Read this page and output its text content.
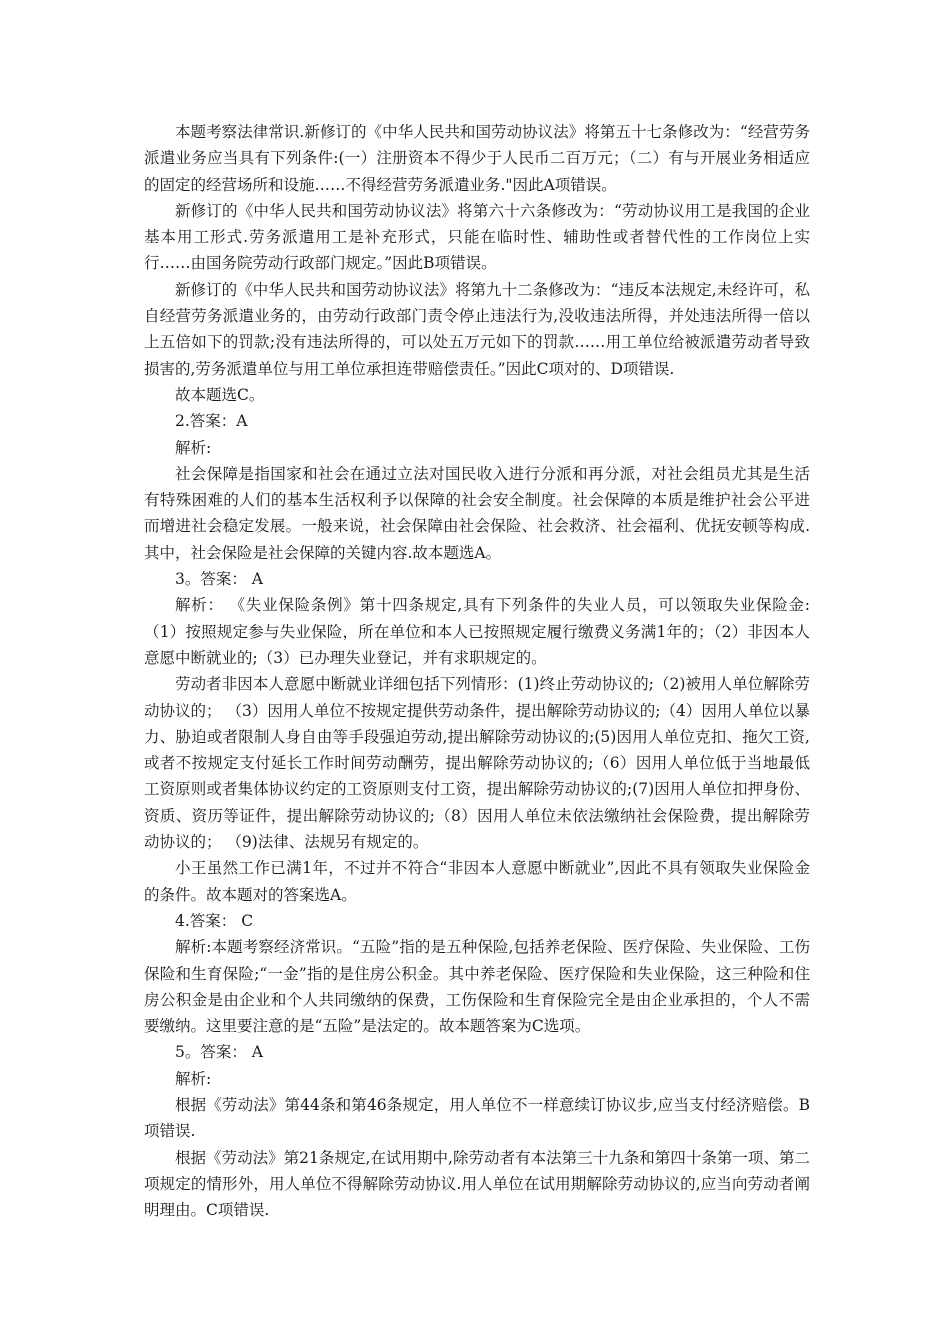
本题考察法律常识.新修订的《中华人民共和国劳动协议法》将第五十七条修改为：“经营劳务派遣业务应当具有下列条件:(一）注册资本不得少于人民币二百万元；（二）有与开展业务相适应的固定的经营场所和设施……不得经营劳务派遣业务."因此A项错误。

新修订的《中华人民共和国劳动协议法》将第六十六条修改为：“劳动协议用工是我国的企业基本用工形式.劳务派遣用工是补充形式，只能在临时性、辅助性或者替代性的工作岗位上实行……由国务院劳动行政部门规定。”因此B项错误。

新修订的《中华人民共和国劳动协议法》将第九十二条修改为：“违反本法规定,未经许可，私自经营劳务派遣业务的，由劳动行政部门责令停止违法行为,没收违法所得，并处违法所得一倍以上五倍如下的罚款;没有违法所得的，可以处五万元如下的罚款……用工单位给被派遣劳动者导致损害的,劳务派遣单位与用工单位承担连带赔偿责任。”因此C项对的、D项错误.

故本题选C。

2.答案：A

解析:

社会保障是指国家和社会在通过立法对国民收入进行分派和再分派，对社会组员尤其是生活有特殊困难的人们的基本生活权利予以保障的社会安全制度。社会保障的本质是维护社会公平进而增进社会稳定发展。一般来说，社会保障由社会保险、社会救济、社会福利、优抚安顿等构成.其中，社会保险是社会保障的关键内容.故本题选A。

3。答案： A

解析： 《失业保险条例》第十四条规定,具有下列条件的失业人员，可以领取失业保险金:（1）按照规定参与失业保险，所在单位和本人已按照规定履行缴费义务满1年的；（2）非因本人意愿中断就业的;（3）已办理失业登记，并有求职规定的。

劳动者非因本人意愿中断就业详细包括下列情形：(1)终止劳动协议的;（2)被用人单位解除劳动协议的； （3）因用人单位不按规定提供劳动条件，提出解除劳动协议的;（4）因用人单位以暴力、胁迫或者限制人身自由等手段强迫劳动,提出解除劳动协议的;(5)因用人单位克扣、拖欠工资,或者不按规定支付延长工作时间劳动酬劳，提出解除劳动协议的;（6）因用人单位低于当地最低工资原则或者集体协议约定的工资原则支付工资，提出解除劳动协议的;(7)因用人单位扣押身份、资质、资历等证件，提出解除劳动协议的;（8）因用人单位未依法缴纳社会保险费，提出解除劳动协议的； （9)法律、法规另有规定的。

小王虽然工作已满1年，不过并不符合“非因本人意愿中断就业”,因此不具有领取失业保险金的条件。故本题对的答案选A。

4.答案： C

解析:本题考察经济常识。“五险”指的是五种保险,包括养老保险、医疗保险、失业保险、工伤保险和生育保险;“一金”指的是住房公积金。其中养老保险、医疗保险和失业保险，这三种险和住房公积金是由企业和个人共同缴纳的保费，工伤保险和生育保险完全是由企业承担的，个人不需要缴纳。这里要注意的是“五险”是法定的。故本题答案为C选项。

5。答案： A

解析:

根据《劳动法》第44条和第46条规定，用人单位不一样意续订协议步,应当支付经济赔偿。B项错误.

根据《劳动法》第21条规定,在试用期中,除劳动者有本法第三十九条和第四十条第一项、第二项规定的情形外，用人单位不得解除劳动协议.用人单位在试用期解除劳动协议的,应当向劳动者阐明理由。C项错误.
